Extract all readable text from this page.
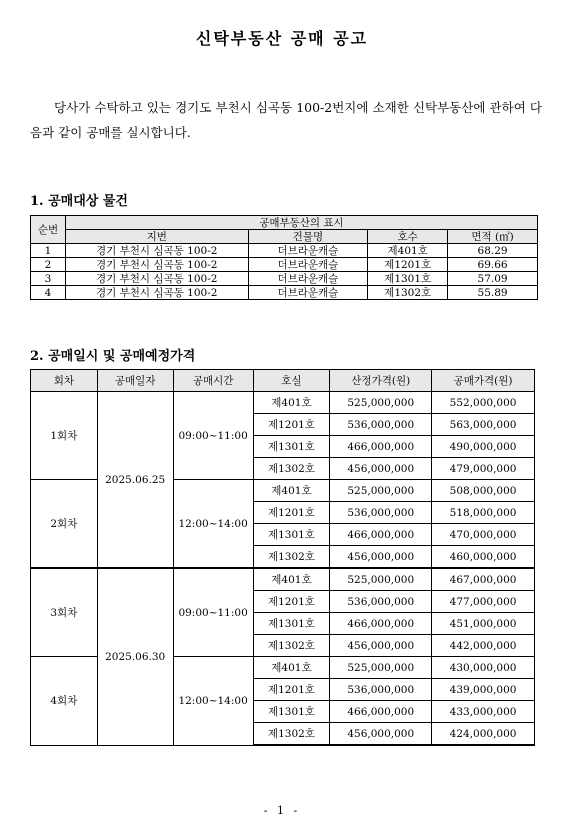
신탁부동산 공매 공고
당사가 수탁하고 있는 경기도 부천시 심곡동 100-2번지에 소재한 신탁부동산에 관하여 다음과 같이 공매를 실시합니다.
1. 공매대상 물건
순번	공매부동산의 표시			
	지번	건물명	호수	면적 (㎡)
1	경기 부천시 심곡동 100-2	더브라운캐슬	제401호	68.29
2	경기 부천시 심곡동 100-2	더브라운캐슬	제1201호	69.66
3	경기 부천시 심곡동 100-2	더브라운캐슬	제1301호	57.09
4	경기 부천시 심곡동 100-2	더브라운캐슬	제1302호	55.89
2. 공매일시 및 공매예정가격
회차	공매일자	공매시간	호실	산정가격(원)	공매가격(원)
1회차	2025.06.25	09:00~11:00	제401호	525,000,000	552,000,000
			제1201호	536,000,000	563,000,000
			제1301호	466,000,000	490,000,000
			제1302호	456,000,000	479,000,000
2회차		12:00~14:00	제401호	525,000,000	508,000,000
			제1201호	536,000,000	518,000,000
			제1301호	466,000,000	470,000,000
			제1302호	456,000,000	460,000,000
3회차	2025.06.30	09:00~11:00	제401호	525,000,000	467,000,000
			제1201호	536,000,000	477,000,000
			제1301호	466,000,000	451,000,000
			제1302호	456,000,000	442,000,000
4회차		12:00~14:00	제401호	525,000,000	430,000,000
			제1201호	536,000,000	439,000,000
			제1301호	466,000,000	433,000,000
			제1302호	456,000,000	424,000,000
- 1 -
